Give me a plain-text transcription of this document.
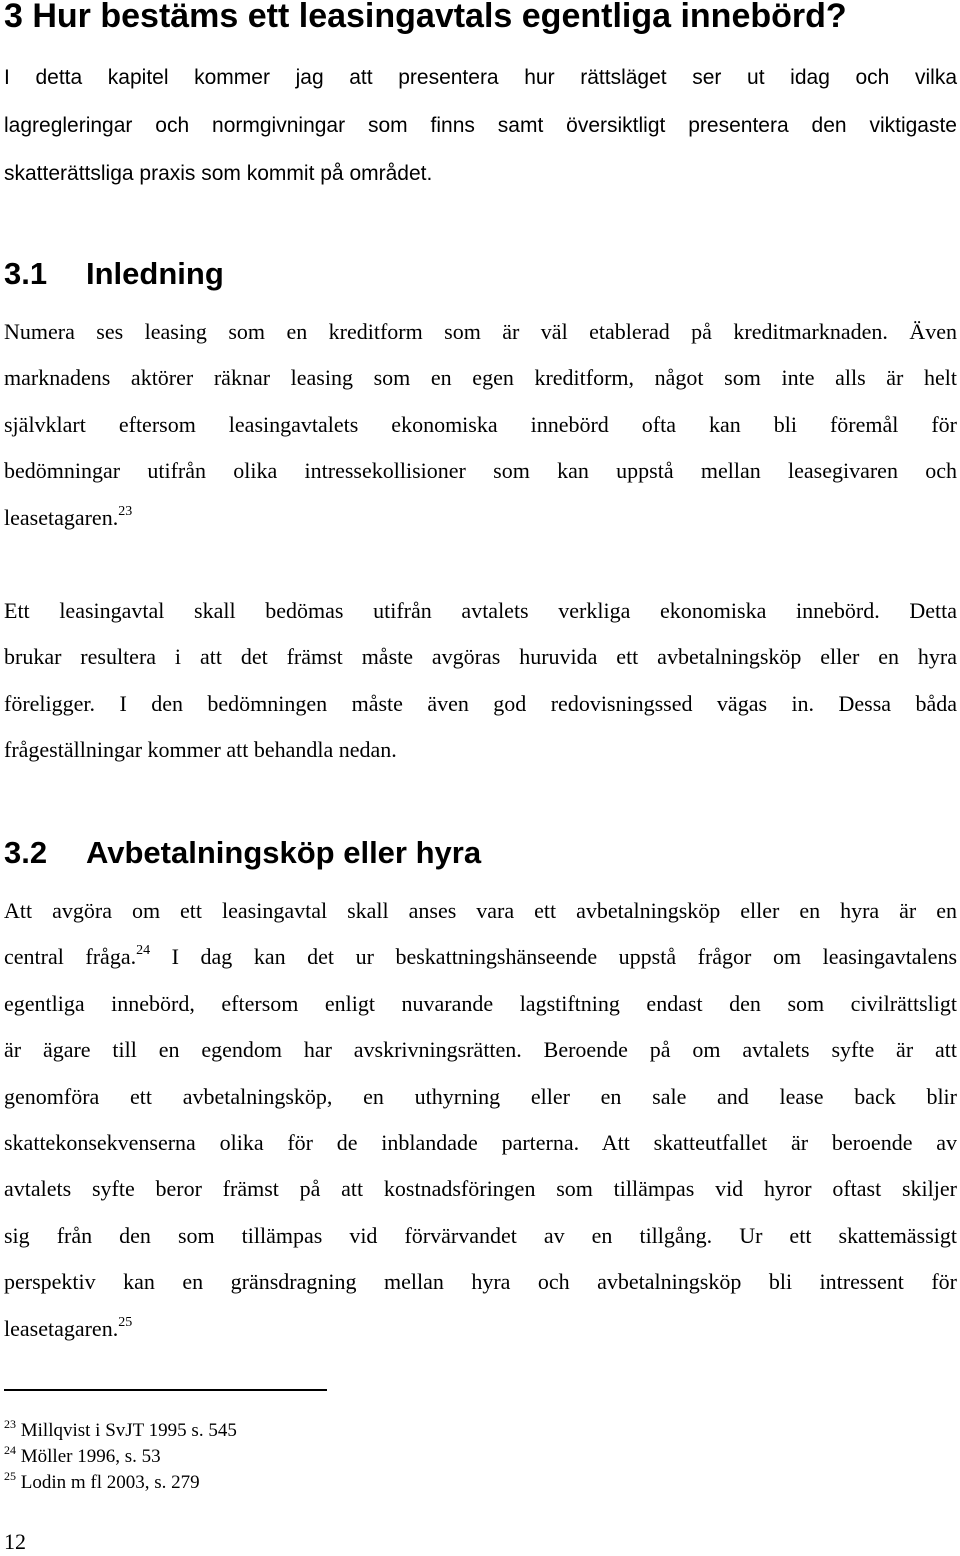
3 Hur bestäms ett leasingavtals egentliga innebörd?
I detta kapitel kommer jag att presentera hur rättsläget ser ut idag och vilka
lagregleringar och normgivningar som finns samt översiktligt presentera den viktigaste
skatterättsliga praxis som kommit på området.
3.1 Inledning
Numera ses leasing som en kreditform som är väl etablerad på kreditmarknaden. Även
marknadens aktörer räknar leasing som en egen kreditform, något som inte alls är helt
självklart eftersom leasingavtalets ekonomiska innebörd ofta kan bli föremål för
bedömningar utifrån olika intressekollisioner som kan uppstå mellan leasegivaren och
leasetagaren.$^{23}$
Ett leasingavtal skall bedömas utifrån avtalets verkliga ekonomiska innebörd. Detta
brukar resultera i att det främst måste avgöras huruvida ett avbetalningsköp eller en hyra
föreligger. I den bedömningen måste även god redovisningssed vägas in. Dessa båda
frågeställningar kommer att behandla nedan.
3.2 Avbetalningsköp eller hyra
Att avgöra om ett leasingavtal skall anses vara ett avbetalningsköp eller en hyra är en
central fråga.$^{24}$ I dag kan det ur beskattningshänseende uppstå frågor om leasingavtalens
egentliga innebörd, eftersom enligt nuvarande lagstiftning endast den som civilrättsligt
är ägare till en egendom har avskrivningsrätten. Beroende på om avtalets syfte är att
genomföra ett avbetalningsköp, en uthyrning eller en sale and lease back blir
skattekonsekvenserna olika för de inblandade parterna. Att skatteutfallet är beroende av
avtalets syfte beror främst på att kostnadsföringen som tillämpas vid hyror oftast skiljer
sig från den som tillämpas vid förvärvandet av en tillgång. Ur ett skattemässigt
perspektiv kan en gränsdragning mellan hyra och avbetalningsköp bli intressent för
leasetagaren.$^{25}$

$^{23}$ Millqvist i SvJT 1995 s. 545

$^{24}$ Möller 1996, s. 53

$^{25}$ Lodin m fl 2003, s. 279

12
